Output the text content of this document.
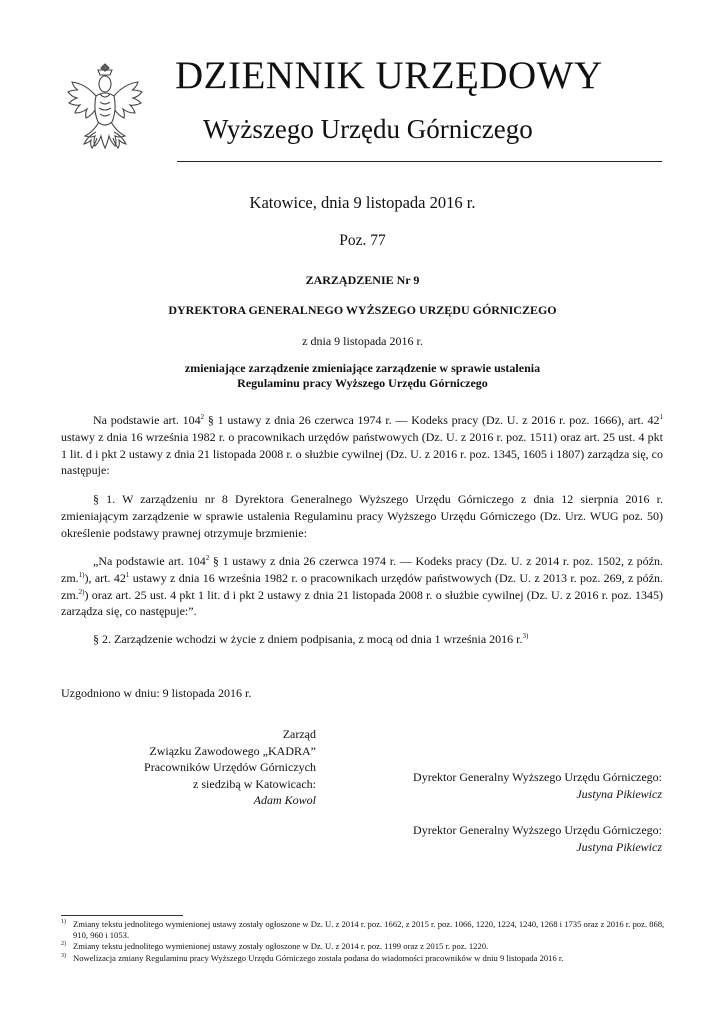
DZIENNIK URZĘDOWY
Wyższego Urzędu Górniczego
Katowice, dnia 9 listopada 2016 r.
Poz. 77
ZARZĄDZENIE Nr 9
DYREKTORA GENERALNEGO WYŻSZEGO URZĘDU GÓRNICZEGO
z dnia 9 listopada 2016 r.
zmieniające zarządzenie zmieniające zarządzenie w sprawie ustalenia
Regulaminu pracy Wyższego Urzędu Górniczego
Na podstawie art. $104^2$ § 1 ustawy z dnia 26 czerwca 1974 r. — Kodeks pracy (Dz. U. z 2016 r. poz. 1666), art. $42^1$ ustawy z dnia 16 września 1982 r. o pracownikach urzędów państwowych (Dz. U. z 2016 r. poz. 1511) oraz art. 25 ust. 4 pkt 1 lit. d i pkt 2 ustawy z dnia 21 listopada 2008 r. o służbie cywilnej (Dz. U. z 2016 r. poz. 1345, 1605 i 1807) zarządza się, co następuje:
§ 1. W zarządzeniu nr 8 Dyrektora Generalnego Wyższego Urzędu Górniczego z dnia 12 sierpnia 2016 r. zmieniającym zarządzenie w sprawie ustalenia Regulaminu pracy Wyższego Urzędu Górniczego (Dz. Urz. WUG poz. 50) określenie podstawy prawnej otrzymuje brzmienie:
„Na podstawie art. $104^2$ § 1 ustawy z dnia 26 czerwca 1974 r. — Kodeks pracy (Dz. U. z 2014 r. poz. 1502, z późn. zm.$^{1)}$), art. $42^1$ ustawy z dnia 16 września 1982 r. o pracownikach urzędów państwowych (Dz. U. z 2013 r. poz. 269, z późn. zm.$^{2)}$) oraz art. 25 ust. 4 pkt 1 lit. d i pkt 2 ustawy z dnia 21 listopada 2008 r. o służbie cywilnej (Dz. U. z 2016 r. poz. 1345) zarządza się, co następuje:”.
§ 2. Zarządzenie wchodzi w życie z dniem podpisania, z mocą od dnia 1 września 2016 r.$^{3)}$
Uzgodniono w dniu: 9 listopada 2016 r.
Zarząd
Związku Zawodowego „KADRA”
Pracowników Urzędów Górniczych
z siedzibą w Katowicach:
Adam Kowol
Dyrektor Generalny Wyższego Urzędu Górniczego:
Justyna Pikiewicz
Dyrektor Generalny Wyższego Urzędu Górniczego:
Justyna Pikiewicz
1) Zmiany tekstu jednolitego wymienionej ustawy zostały ogłoszone w Dz. U. z 2014 r. poz. 1662, z 2015 r. poz. 1066, 1220, 1224, 1240, 1268 i 1735 oraz z 2016 r. poz. 868, 910, 960 i 1053.
2) Zmiany tekstu jednolitego wymienionej ustawy zostały ogłoszone w Dz. U. z 2014 r. poz. 1199 oraz z 2015 r. poz. 1220.
3) Nowelizacja zmiany Regulaminu pracy Wyższego Urzędu Górniczego została podana do wiadomości pracowników w dniu 9 listopada 2016 r.
